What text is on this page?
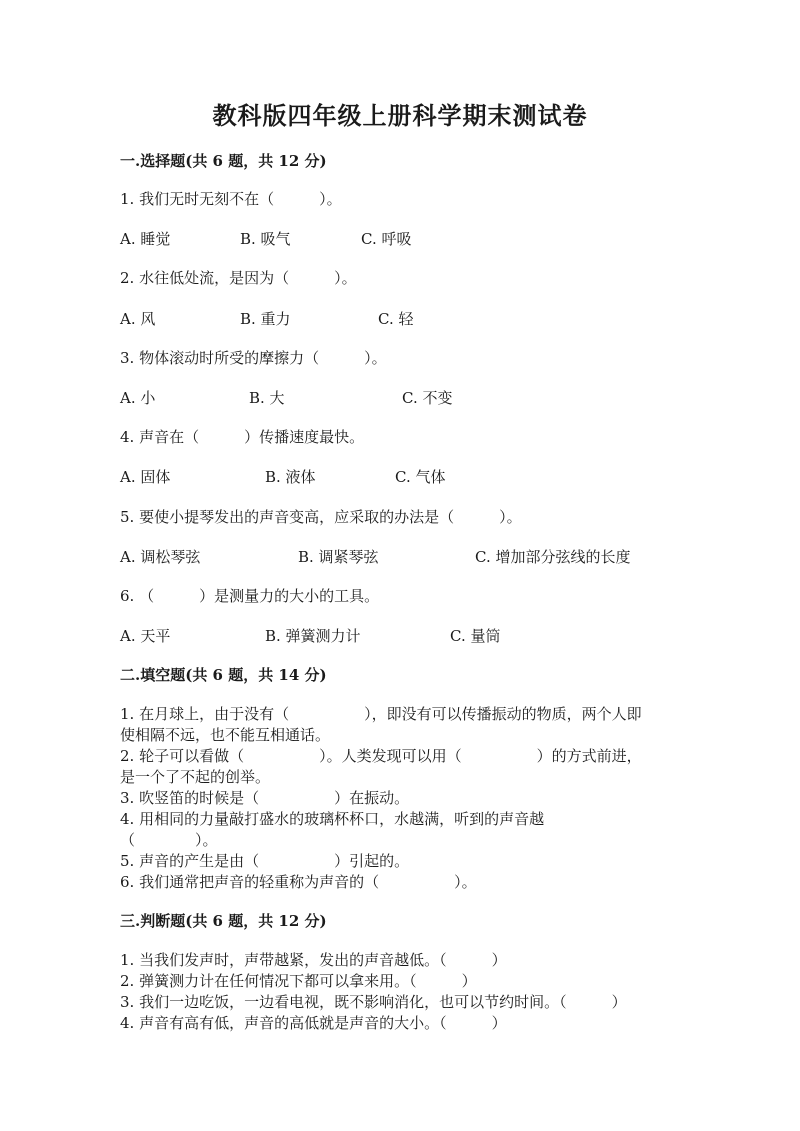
教科版四年级上册科学期末测试卷
一.选择题(共 6 题，共 12 分)
1. 我们无时无刻不在（　　　）。
A. 睡觉	B. 吸气	C. 呼吸
2. 水往低处流，是因为（　　　）。
A. 风	B. 重力	C. 轻
3. 物体滚动时所受的摩擦力（　　　）。
A. 小	B. 大	C. 不变
4. 声音在（　　　）传播速度最快。
A. 固体	B. 液体	C. 气体
5. 要使小提琴发出的声音变高，应采取的办法是（　　　）。
A. 调松琴弦	B. 调紧琴弦	C. 增加部分弦线的长度
6. （　　　）是测量力的大小的工具。
A. 天平	B. 弹簧测力计	C. 量筒
二.填空题(共 6 题，共 14 分)
1. 在月球上，由于没有（　　　　　），即没有可以传播振动的物质，两个人即
使相隔不远，也不能互相通话。
2. 轮子可以看做（　　　　　）。人类发现可以用（　　　　　）的方式前进，
是一个了不起的创举。
3. 吹竖笛的时候是（　　　　　）在振动。
4. 用相同的力量敲打盛水的玻璃杯杯口，水越满，听到的声音越
（　　　　）。
5. 声音的产生是由（　　　　　）引起的。
6. 我们通常把声音的轻重称为声音的（　　　　　）。
三.判断题(共 6 题，共 12 分)
1. 当我们发声时，声带越紧，发出的声音越低。（　　　）
2. 弹簧测力计在任何情况下都可以拿来用。（　　　）
3. 我们一边吃饭，一边看电视，既不影响消化，也可以节约时间。（　　　）
4. 声音有高有低，声音的高低就是声音的大小。（　　　）
